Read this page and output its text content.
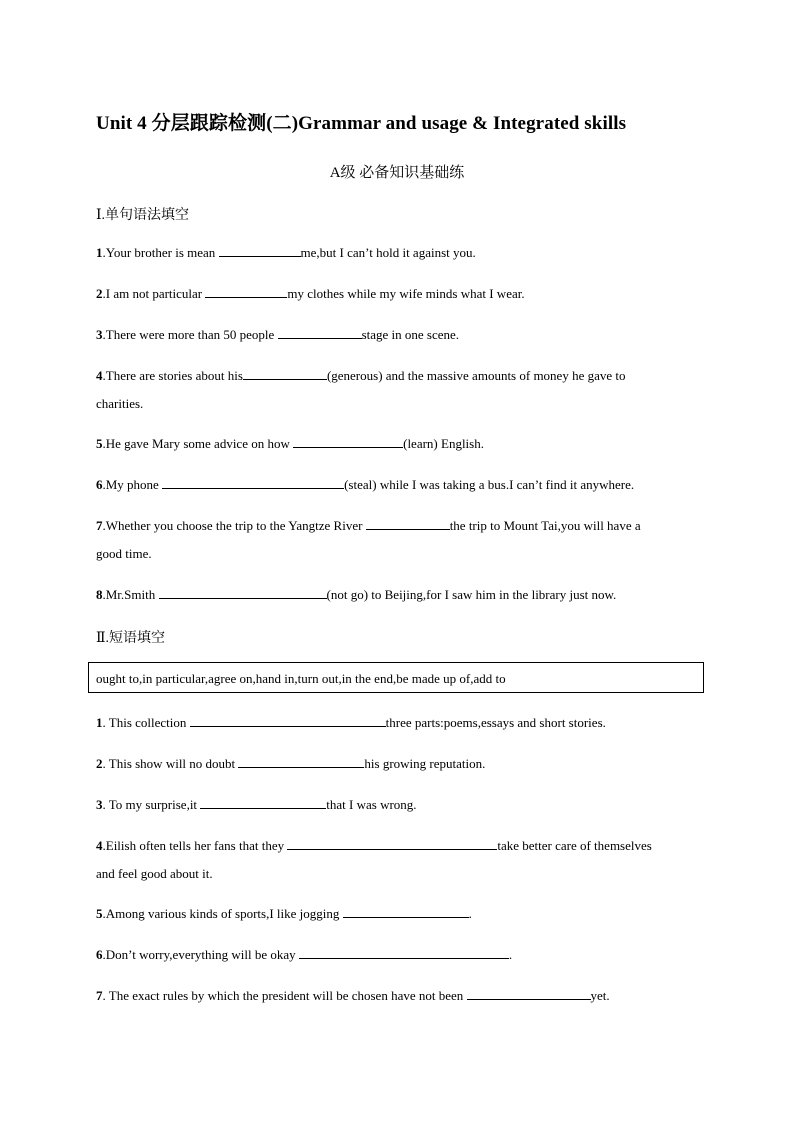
Unit 4 分层跟踪检测(二)Grammar and usage & Integrated skills
A级 必备知识基础练
Ⅰ.单句语法填空
1.Your brother is mean	me,but I can’t hold it against you.
2.I am not particular	my clothes while my wife minds what I wear.
3.There were more than 50 people	stage in one scene.
4.There are stories about his	(generous) and the massive amounts of money he gave to
charities.
5.He gave Mary some advice on how	(learn) English.
6.My phone	(steal) while I was taking a bus.I can’t find it anywhere.
7.Whether you choose the trip to the Yangtze River	the trip to Mount Tai,you will have a
good time.
8.Mr.Smith	(not go) to Beijing,for I saw him in the library just now.
Ⅱ.短语填空
ought to,in particular,agree on,hand in,turn out,in the end,be made up of,add to
1. This collection	three parts:poems,essays and short stories.
2. This show will no doubt	his growing reputation.
3. To my surprise,it	that I was wrong.
4.Eilish often tells her fans that they	take better care of themselves
and feel good about it.
5.Among various kinds of sports,I like jogging	.
6.Don’t worry,everything will be okay	.
7. The exact rules by which the president will be chosen have not been	yet.
